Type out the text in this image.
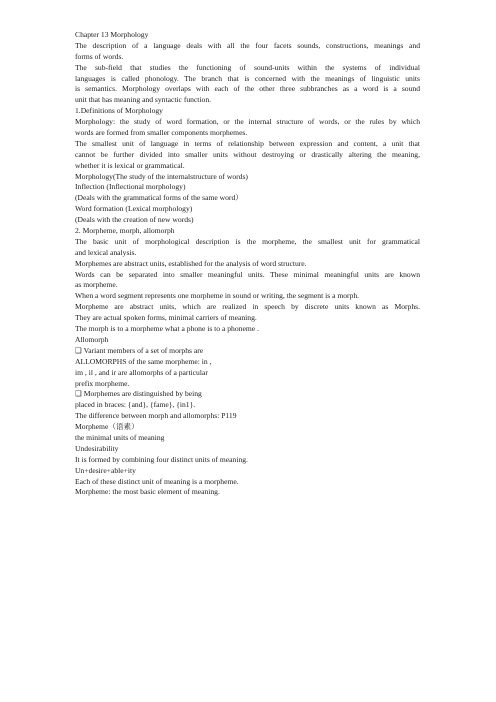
Chapter 13 Morphology
The description of a language deals with all the four facets sounds, constructions, meanings and
forms of words.
The sub-field that studies the functioning of sound-units within the systems of individual
languages is called phonology. The branch that is concerned with the meanings of linguistic units
is semantics. Morphology overlaps with each of the other three subbranches as a word is a sound
unit that has meaning and syntactic function.
1.Definitions of Morphology
Morphology: the study of word formation, or the internal structure of words, or the rules by which
words are formed from smaller components morphemes.
The smallest unit of language in terms of relationship between expression and content, a unit that
cannot be further divided into smaller units without destroying or drastically altering the meaning,
whether it is lexical or grammatical.
Morphology(The study of the internalstructure of words)
Inflection (Inflectional morphology)
(Deals with the grammatical forms of the same word）
Word formation (Lexical morphology)
(Deals with the creation of new words)
2. Morpheme, morph, allomorph
The basic unit of morphological description is the morpheme, the smallest unit for grammatical
and lexical analysis.
Morphemes are abstract units, established for the analysis of word structure.
Words can be separated into smaller meaningful units. These minimal meaningful units are known
as morpheme.
When a word segment represents one morpheme in sound or writing, the segment is a morph.
Morpheme are abstract units, which are realized in speech by discrete units known as Morphs.
They are actual spoken forms, minimal carriers of meaning.
The morph is to a morpheme what a phone is to a phoneme .
Allomorph
❑ Variant members of a set of morphs are
ALLOMORPHS of the same morpheme: in ,
im , il , and ir are allomorphs of a particular
prefix morpheme.
❑ Morphemes are distinguished by being
placed in braces: {and}, {fame}, {in1}.
The difference between morph and allomorphs: P119
Morpheme（语素）
the minimal units of meaning
Undesirability
It is formed by combining four distinct units of meaning.
Un+desire+able+ity
Each of these distinct unit of meaning is a morpheme.
Morpheme: the most basic element of meaning.
